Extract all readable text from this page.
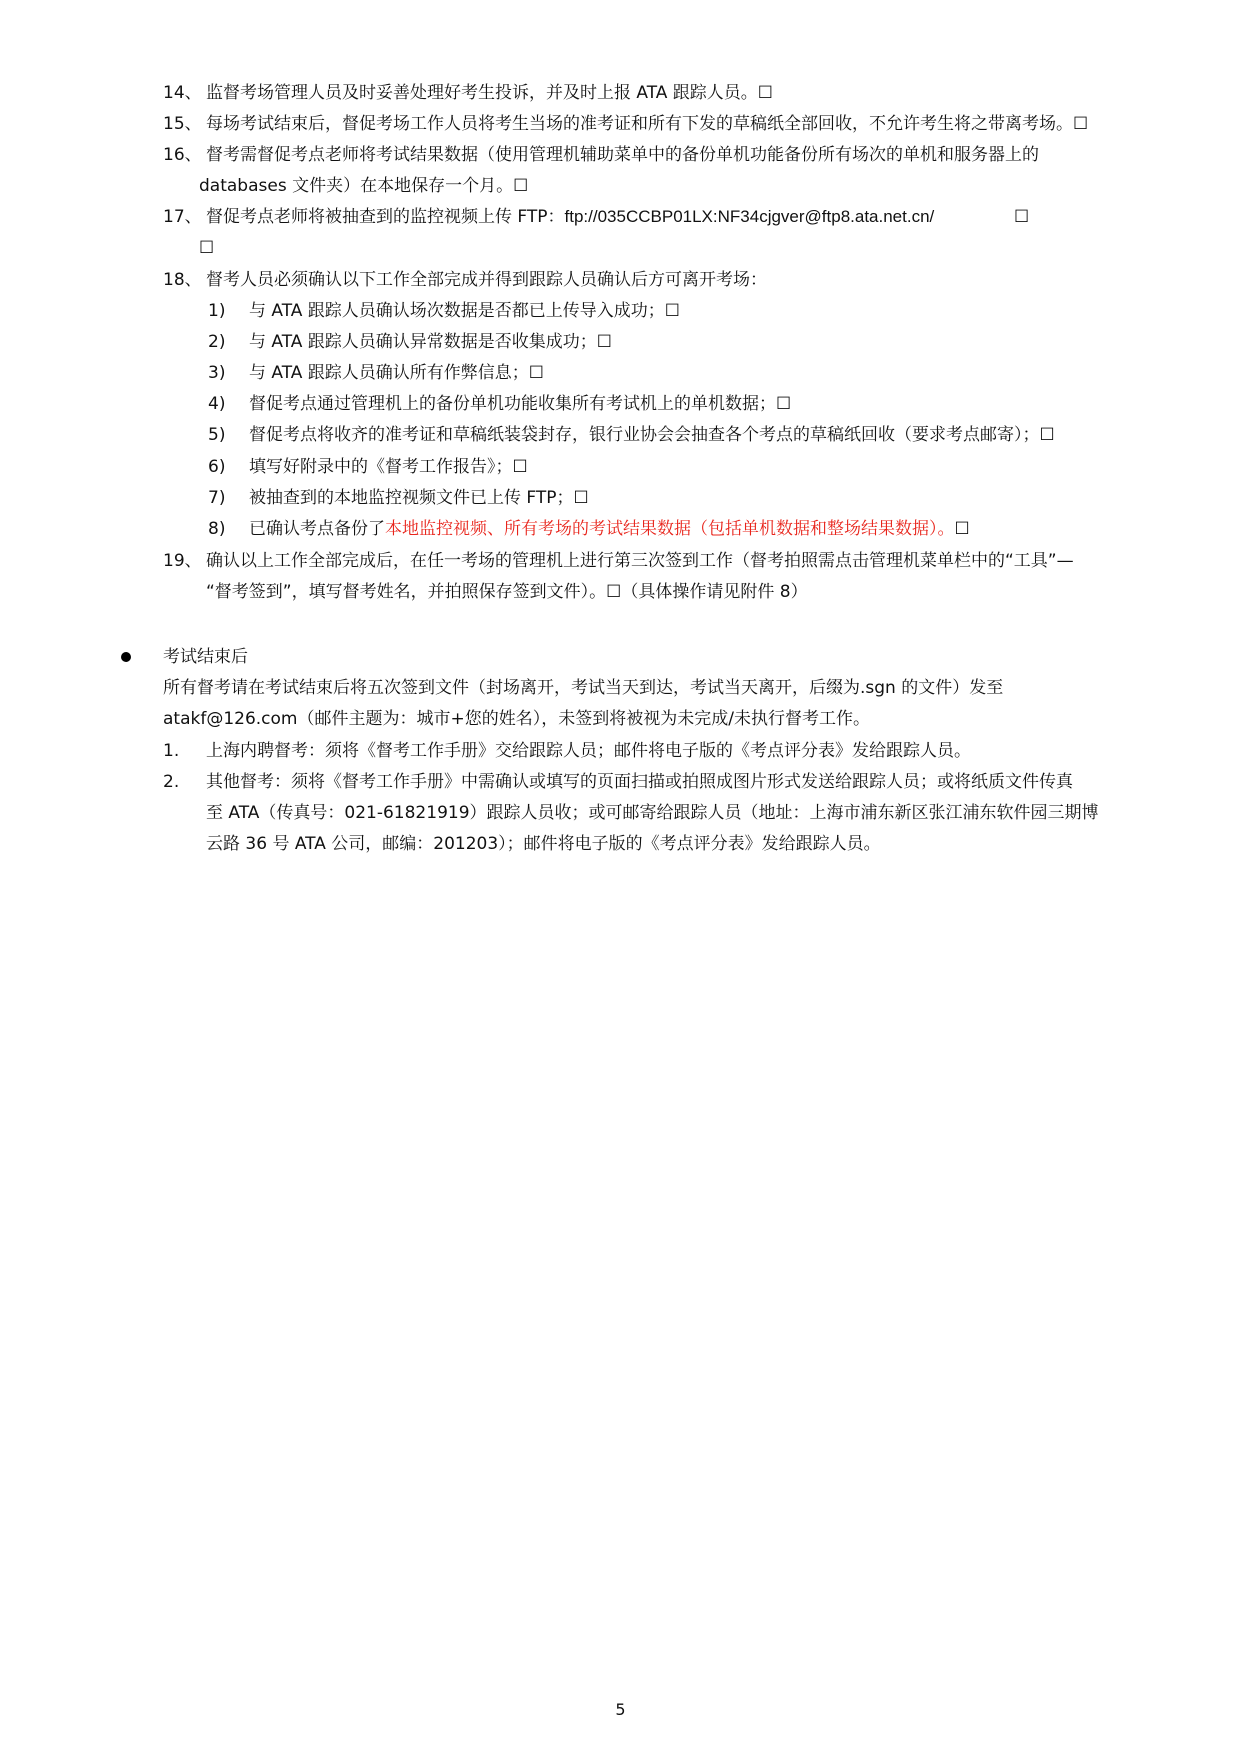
14、 监督考场管理人员及时妥善处理好考生投诉，并及时上报 ATA 跟踪人员。☐
15、 每场考试结束后，督促考场工作人员将考生当场的准考证和所有下发的草稿纸全部回收，不允许考生将之带离考场。☐
16、 督考需督促考点老师将考试结果数据（使用管理机辅助菜单中的备份单机功能备份所有场次的单机和服务器上的
databases 文件夹）在本地保存一个月。☐
17、 督促考点老师将被抽查到的监控视频上传 FTP：ftp://035CCBP01LX:NF34cjgver@ftp8.ata.net.cn/	☐
☐
18、 督考人员必须确认以下工作全部完成并得到跟踪人员确认后方可离开考场：
1) 与 ATA 跟踪人员确认场次数据是否都已上传导入成功；☐
2) 与 ATA 跟踪人员确认异常数据是否收集成功；☐
3) 与 ATA 跟踪人员确认所有作弊信息；☐
4) 督促考点通过管理机上的备份单机功能收集所有考试机上的单机数据；☐
5) 督促考点将收齐的准考证和草稿纸装袋封存，银行业协会会抽查各个考点的草稿纸回收（要求考点邮寄）；☐
6) 填写好附录中的《督考工作报告》；☐
7) 被抽查到的本地监控视频文件已上传 FTP；☐
8) 已确认考点备份了本地监控视频、所有考场的考试结果数据（包括单机数据和整场结果数据）。☐
19、 确认以上工作全部完成后，在任一考场的管理机上进行第三次签到工作（督考拍照需点击管理机菜单栏中的“工具”—
“督考签到”，填写督考姓名，并拍照保存签到文件）。☐（具体操作请见附件 8）
考试结束后
所有督考请在考试结束后将五次签到文件（封场离开，考试当天到达，考试当天离开，后缀为.sgn 的文件）发至
atakf@126.com（邮件主题为：城市+您的姓名），未签到将被视为未完成/未执行督考工作。
1. 上海内聘督考：须将《督考工作手册》交给跟踪人员；邮件将电子版的《考点评分表》发给跟踪人员。
2. 其他督考：须将《督考工作手册》中需确认或填写的页面扫描或拍照成图片形式发送给跟踪人员；或将纸质文件传真
至 ATA（传真号：021-61821919）跟踪人员收；或可邮寄给跟踪人员（地址：上海市浦东新区张江浦东软件园三期博
云路 36 号 ATA 公司，邮编：201203）；邮件将电子版的《考点评分表》发给跟踪人员。
5
